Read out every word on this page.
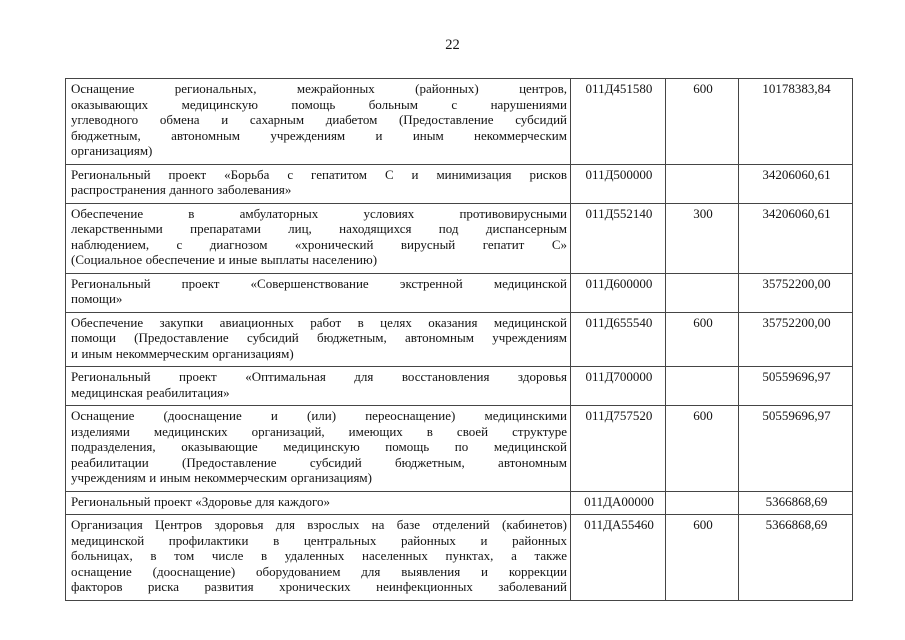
22
Оснащение региональных, межрайонных (районных) центров,
оказывающих медицинскую помощь больным с нарушениями
углеводного обмена и сахарным диабетом (Предоставление субсидий
бюджетным, автономным учреждениям и иным некоммерческим
организациям)	011Д451580	600	10178383,84

Региональный проект «Борьба с гепатитом С и минимизация рисков
распространения данного заболевания»	011Д500000		34206060,61

Обеспечение в амбулаторных условиях противовирусными
лекарственными препаратами лиц, находящихся под диспансерным
наблюдением, с диагнозом «хронический вирусный гепатит С»
(Социальное обеспечение и иные выплаты населению)	011Д552140	300	34206060,61

Региональный проект «Совершенствование экстренной медицинской
помощи»	011Д600000		35752200,00

Обеспечение закупки авиационных работ в целях оказания медицинской
помощи (Предоставление субсидий бюджетным, автономным учреждениям
и иным некоммерческим организациям)	011Д655540	600	35752200,00

Региональный проект «Оптимальная для восстановления здоровья
медицинская реабилитация»	011Д700000		50559696,97

Оснащение (дооснащение и (или) переоснащение) медицинскими
изделиями медицинских организаций, имеющих в своей структуре
подразделения, оказывающие медицинскую помощь по медицинской
реабилитации (Предоставление субсидий бюджетным, автономным
учреждениям и иным некоммерческим организациям)	011Д757520	600	50559696,97

Региональный проект «Здоровье для каждого»	011ДА00000		5366868,69

Организация Центров здоровья для взрослых на базе отделений (кабинетов)
медицинской профилактики в центральных районных и районных
больницах, в том числе в удаленных населенных пунктах, а также
оснащение (дооснащение) оборудованием для выявления и коррекции
факторов риска развития хронических неинфекционных заболеваний	011ДА55460	600	5366868,69
